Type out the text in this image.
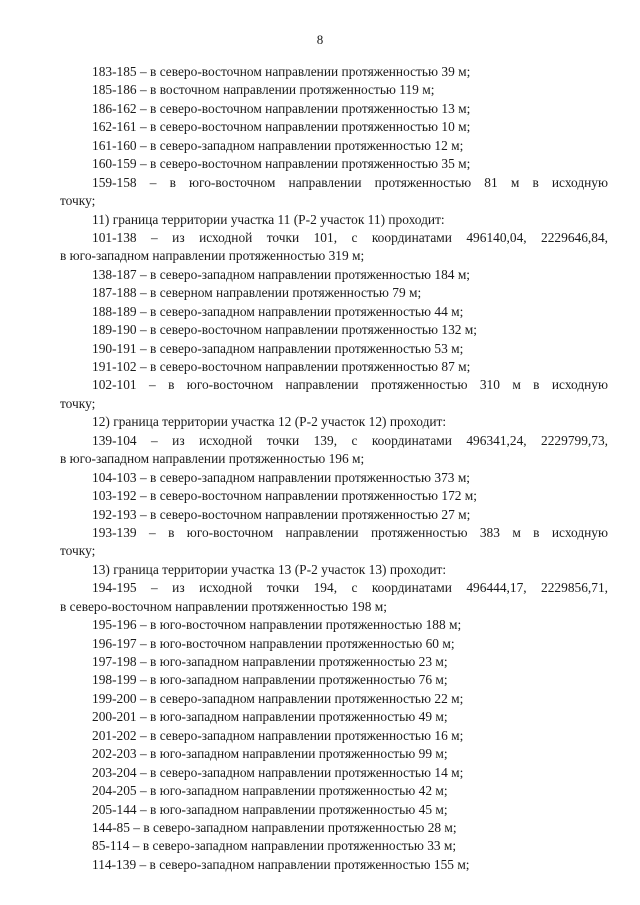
8
183-185 – в северо-восточном направлении протяженностью 39 м;
185-186 – в восточном направлении протяженностью 119 м;
186-162 – в северо-восточном направлении протяженностью 13 м;
162-161 – в северо-восточном направлении протяженностью 10 м;
161-160 – в северо-западном направлении протяженностью 12 м;
160-159 – в северо-восточном направлении протяженностью 35 м;
159-158 – в юго-восточном направлении протяженностью 81 м в исходную
точку;
11) граница территории участка 11 (Р-2 участок 11) проходит:
101-138 – из исходной точки 101, с координатами 496140,04, 2229646,84,
в юго-западном направлении протяженностью 319 м;
138-187 – в северо-западном направлении протяженностью 184 м;
187-188 – в северном направлении протяженностью 79 м;
188-189 – в северо-западном направлении протяженностью 44 м;
189-190 – в северо-восточном направлении протяженностью 132 м;
190-191 – в северо-западном направлении протяженностью 53 м;
191-102 – в северо-восточном направлении протяженностью 87 м;
102-101 – в юго-восточном направлении протяженностью 310 м в исходную
точку;
12) граница территории участка 12 (Р-2 участок 12) проходит:
139-104 – из исходной точки 139, с координатами 496341,24, 2229799,73,
в юго-западном направлении протяженностью 196 м;
104-103 – в северо-западном направлении протяженностью 373 м;
103-192 – в северо-восточном направлении протяженностью 172 м;
192-193 – в северо-восточном направлении протяженностью 27 м;
193-139 – в юго-восточном направлении протяженностью 383 м в исходную
точку;
13) граница территории участка 13 (Р-2 участок 13) проходит:
194-195 – из исходной точки 194, с координатами 496444,17, 2229856,71,
в северо-восточном направлении протяженностью 198 м;
195-196 – в юго-восточном направлении протяженностью 188 м;
196-197 – в юго-восточном направлении протяженностью 60 м;
197-198 – в юго-западном направлении протяженностью 23 м;
198-199 – в юго-западном направлении протяженностью 76 м;
199-200 – в северо-западном направлении протяженностью 22 м;
200-201 – в юго-западном направлении протяженностью 49 м;
201-202 – в северо-западном направлении протяженностью 16 м;
202-203 – в юго-западном направлении протяженностью 99 м;
203-204 – в северо-западном направлении протяженностью 14 м;
204-205 – в юго-западном направлении протяженностью 42 м;
205-144 – в юго-западном направлении протяженностью 45 м;
144-85 – в северо-западном направлении протяженностью 28 м;
85-114 – в северо-западном направлении протяженностью 33 м;
114-139 – в северо-западном направлении протяженностью 155 м;
